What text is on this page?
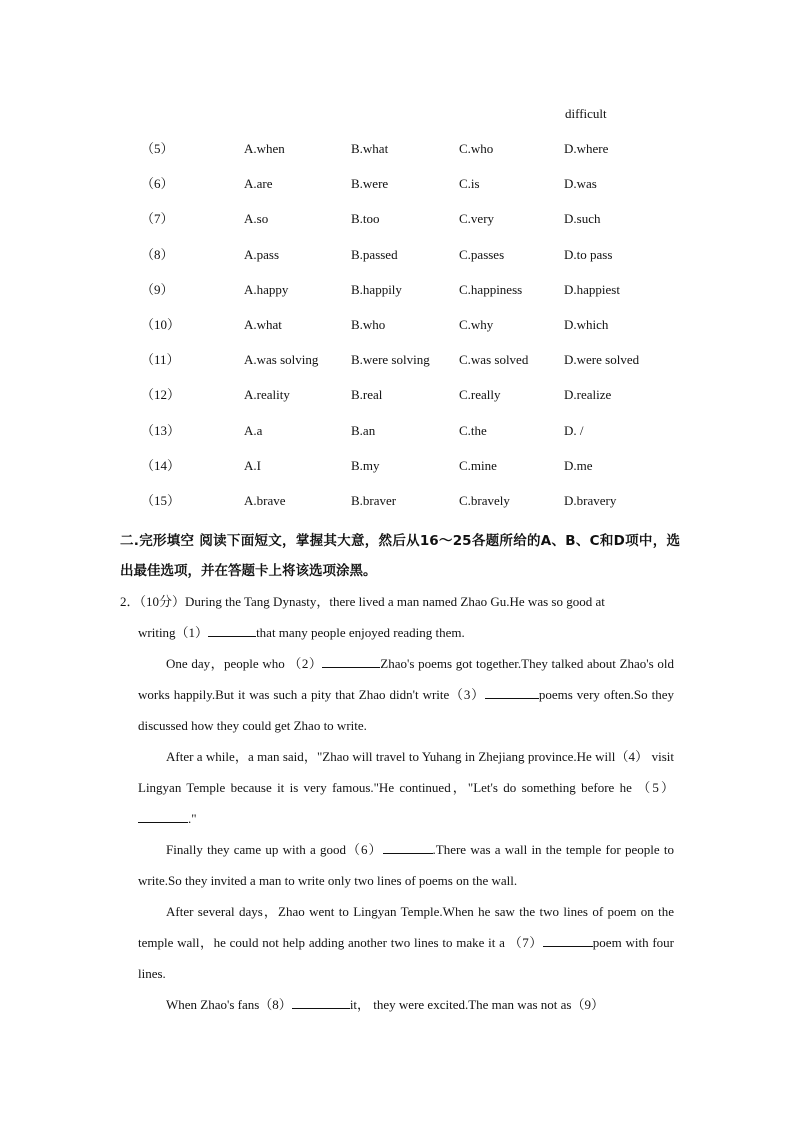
difficult
（5）	A.when	B.what	C.who	D.where
（6）	A.are	B.were	C.is	D.was
（7）	A.so	B.too	C.very	D.such
（8）	A.pass	B.passed	C.passes	D.to pass
（9）	A.happy	B.happily	C.happiness	D.happiest
（10）	A.what	B.who	C.why	D.which
（11）	A.was solving	B.were solving C.was solved	D.were solved
（12）	A.reality	B.real	C.really	D.realize
（13）	A.a	B.an	C.the	D. /
（14）	A.I	B.my	C.mine	D.me
（15）	A.brave	B.braver	C.bravely	D.bravery
二.完形填空 阅读下面短文，掌握其大意，然后从16～25各题所给的A、B、C和D项中，选出最佳选项，并在答题卡上将该选项涂黑。

2．（10分）During the Tang Dynasty，there lived a man named Zhao Gu.He was so good at
writing（1）	that many people enjoyed reading them.

One day，people who （2）	Zhao's poems got together.They talked about Zhao's old works happily.But it was such a pity that Zhao didn't write（3）	poems very often.So they discussed how they could get Zhao to write.

After a while，a man said，"Zhao will travel to Yuhang in Zhejiang province.He will（4） visit Lingyan Temple because it is very famous."He continued，"Let's do something before he （5）."

Finally they came up with a good（6）	.There was a wall in the temple for people to write.So they invited a man to write only two lines of poems on the wall.

After several days，Zhao went to Lingyan Temple.When he saw the two lines of poem on the temple wall，he could not help adding another two lines to make it a （7）	poem with four lines.

When Zhao's fans（8）	it， they were excited.The man was not as（9）
